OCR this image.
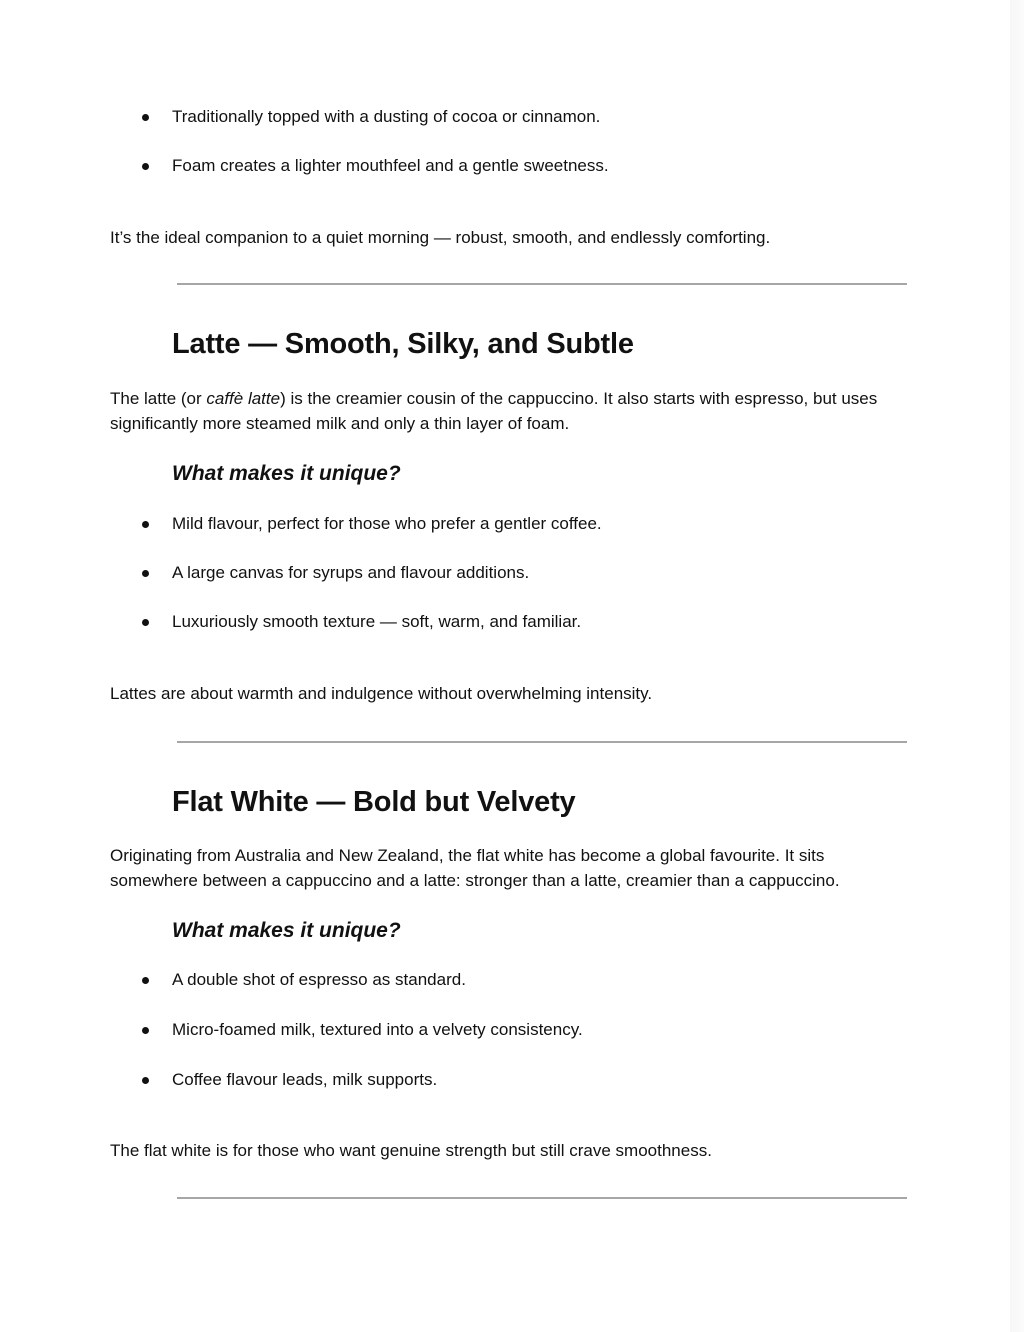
Traditionally topped with a dusting of cocoa or cinnamon.
Foam creates a lighter mouthfeel and a gentle sweetness.

It’s the ideal companion to a quiet morning — robust, smooth, and endlessly comforting.

Latte — Smooth, Silky, and Subtle

The latte (or caffè latte) is the creamier cousin of the cappuccino. It also starts with espresso, but uses significantly more steamed milk and only a thin layer of foam.

What makes it unique?
Mild flavour, perfect for those who prefer a gentler coffee.
A large canvas for syrups and flavour additions.
Luxuriously smooth texture — soft, warm, and familiar.

Lattes are about warmth and indulgence without overwhelming intensity.

Flat White — Bold but Velvety

Originating from Australia and New Zealand, the flat white has become a global favourite. It sits somewhere between a cappuccino and a latte: stronger than a latte, creamier than a cappuccino.

What makes it unique?
A double shot of espresso as standard.
Micro-foamed milk, textured into a velvety consistency.
Coffee flavour leads, milk supports.

The flat white is for those who want genuine strength but still crave smoothness.
